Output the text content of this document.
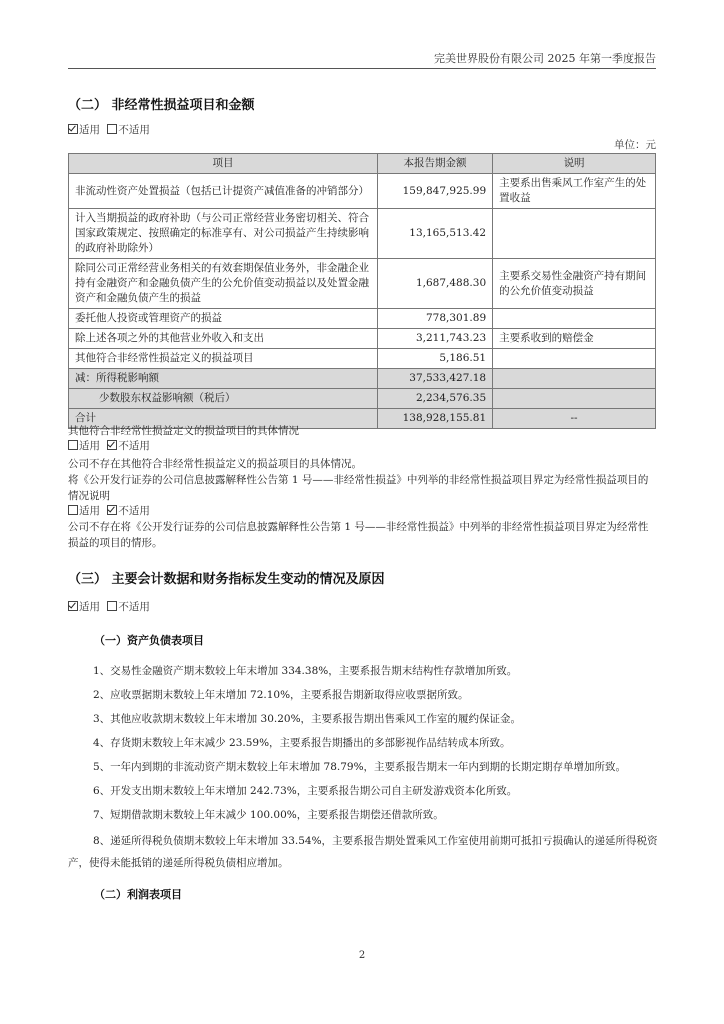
完美世界股份有限公司 2025 年第一季度报告
（二） 非经常性损益项目和金额
适用 不适用
单位：元
项目	本报告期金额	说明
非流动性资产处置损益（包括已计提资产减值准备的冲销部分）	159,847,925.99	主要系出售乘风工作室产生的处置收益
计入当期损益的政府补助（与公司正常经营业务密切相关、符合国家政策规定、按照确定的标准享有、对公司损益产生持续影响的政府补助除外）	13,165,513.42	
除同公司正常经营业务相关的有效套期保值业务外，非金融企业持有金融资产和金融负债产生的公允价值变动损益以及处置金融资产和金融负债产生的损益	1,687,488.30	主要系交易性金融资产持有期间的公允价值变动损益
委托他人投资或管理资产的损益	778,301.89	
除上述各项之外的其他营业外收入和支出	3,211,743.23	主要系收到的赔偿金
其他符合非经常性损益定义的损益项目	5,186.51	
减：所得税影响额	37,533,427.18	
少数股东权益影响额（税后）	2,234,576.35	
合计	138,928,155.81	--
其他符合非经常性损益定义的损益项目的具体情况
适用 不适用
公司不存在其他符合非经常性损益定义的损益项目的具体情况。
将《公开发行证券的公司信息披露解释性公告第 1 号——非经常性损益》中列举的非经常性损益项目界定为经常性损益项目的情况说明
适用 不适用
公司不存在将《公开发行证券的公司信息披露解释性公告第 1 号——非经常性损益》中列举的非经常性损益项目界定为经常性损益的项目的情形。
（三） 主要会计数据和财务指标发生变动的情况及原因
适用 不适用
（一）资产负债表项目
1、交易性金融资产期末数较上年末增加 334.38%，主要系报告期末结构性存款增加所致。
2、应收票据期末数较上年末增加 72.10%，主要系报告期新取得应收票据所致。
3、其他应收款期末数较上年末增加 30.20%，主要系报告期出售乘风工作室的履约保证金。
4、存货期末数较上年末减少 23.59%，主要系报告期播出的多部影视作品结转成本所致。
5、一年内到期的非流动资产期末数较上年末增加 78.79%，主要系报告期末一年内到期的长期定期存单增加所致。
6、开发支出期末数较上年末增加 242.73%，主要系报告期公司自主研发游戏资本化所致。
7、短期借款期末数较上年末减少 100.00%，主要系报告期偿还借款所致。
8、递延所得税负债期末数较上年末增加 33.54%，主要系报告期处置乘风工作室使用前期可抵扣亏损确认的递延所得税资产，使得未能抵销的递延所得税负债相应增加。
（二）利润表项目
2
